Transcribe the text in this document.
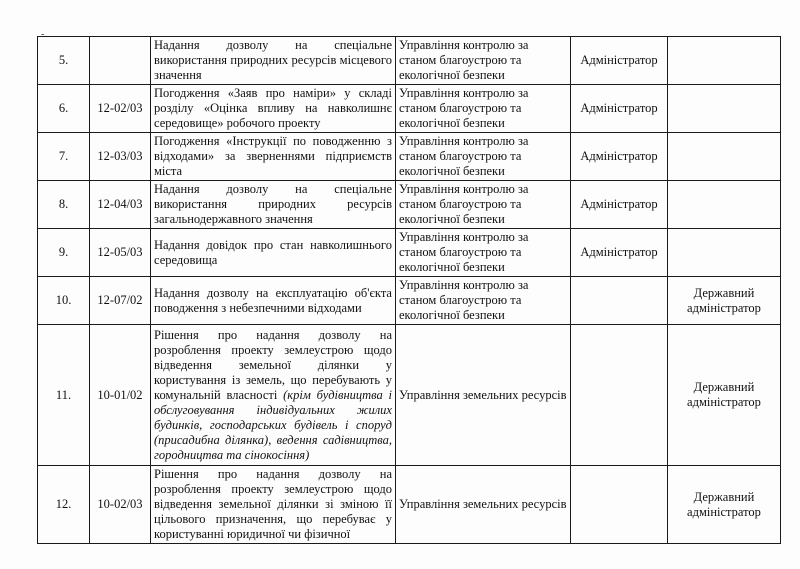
-
5.		Надання дозволу на спеціальне використання природних ресурсів місцевого значення	Управління контролю за станом благоустрою та екологічної безпеки	Адміністратор	
6.	12-02/03	Погодження «Заяв про наміри» у складі розділу «Оцінка впливу на навколишнє середовище» робочого проекту	Управління контролю за станом благоустрою та екологічної безпеки	Адміністратор	
7.	12-03/03	Погодження «Інструкції по поводженню з відходами» за зверненнями підприємств міста	Управління контролю за станом благоустрою та екологічної безпеки	Адміністратор	
8.	12-04/03	Надання дозволу на спеціальне використання природних ресурсів загальнодержавного значення	Управління контролю за станом благоустрою та екологічної безпеки	Адміністратор	
9.	12-05/03	Надання довідок про стан навколишнього середовища	Управління контролю за станом благоустрою та екологічної безпеки	Адміністратор	
10.	12-07/02	Надання дозволу на експлуатацію об'єкта поводження з небезпечними відходами	Управління контролю за станом благоустрою та екологічної безпеки		Державний адміністратор
11.	10-01/02	Рішення про надання дозволу на розроблення проекту землеустрою щодо відведення земельної ділянки у користування із земель, що перебувають у комунальній власності (крім будівництва і обслуговування індивідуальних жилих будинків, господарських будівель і споруд (присадибна ділянка), ведення садівництва, городництва та сінокосіння)	Управління земельних ресурсів		Державний адміністратор
12.	10-02/03	Рішення про надання дозволу на розроблення проекту землеустрою щодо відведення земельної ділянки зі зміною її цільового призначення, що перебуває у користуванні юридичної чи фізичної	Управління земельних ресурсів		Державний адміністратор
